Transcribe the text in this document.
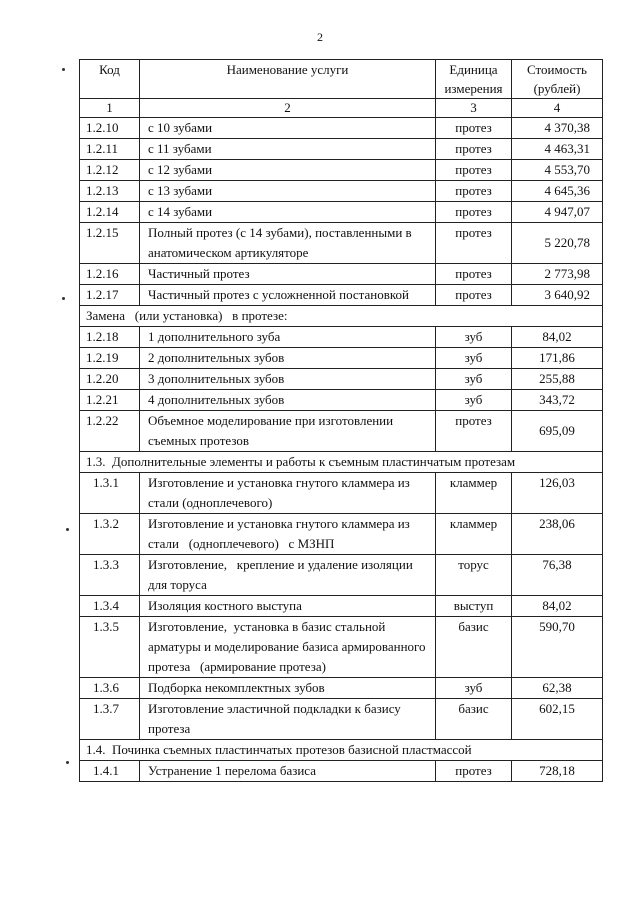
2
Код	Наименование услуги	Единица измерения	Стоимость (рублей)
1	2	3	4
1.2.10	с 10 зубами	протез	4 370,38
1.2.11	с 11 зубами	протез	4 463,31
1.2.12	с 12 зубами	протез	4 553,70
1.2.13	с 13 зубами	протез	4 645,36
1.2.14	с 14 зубами	протез	4 947,07
1.2.15	Полный протез (с 14 зубами), поставленными в анатомическом артикуляторе	протез	5 220,78
1.2.16	Частичный протез	протез	2 773,98
1.2.17	Частичный протез с усложненной постановкой	протез	3 640,92
Замена   (или установка)   в протезе:			
1.2.18	1 дополнительного зуба	зуб	84,02
1.2.19	2 дополнительных зубов	зуб	171,86
1.2.20	3 дополнительных зубов	зуб	255,88
1.2.21	4 дополнительных зубов	зуб	343,72
1.2.22	Объемное моделирование при изготовлении съемных протезов	протез	695,09
1.3.  Дополнительные элементы и работы к съемным пластинчатым протезам			
1.3.1	Изготовление и установка гнутого кламмера из стали (одноплечевого)	кламмер	126,03
1.3.2	Изготовление и установка гнутого кламмера из стали   (одноплечевого)   с МЗНП	кламмер	238,06
1.3.3	Изготовление,   крепление и удаление изоляции для торуса	торус	76,38
1.3.4	Изоляция костного выступа	выступ	84,02
1.3.5	Изготовление,  установка в базис стальной арматуры и моделирование базиса армированного протеза   (армирование протеза)	базис	590,70
1.3.6	Подборка некомплектных зубов	зуб	62,38
1.3.7	Изготовление эластичной подкладки к базису протеза	базис	602,15
1.4.  Починка съемных пластинчатых протезов базисной пластмассой			
1.4.1	Устранение 1 перелома базиса	протез	728,18
